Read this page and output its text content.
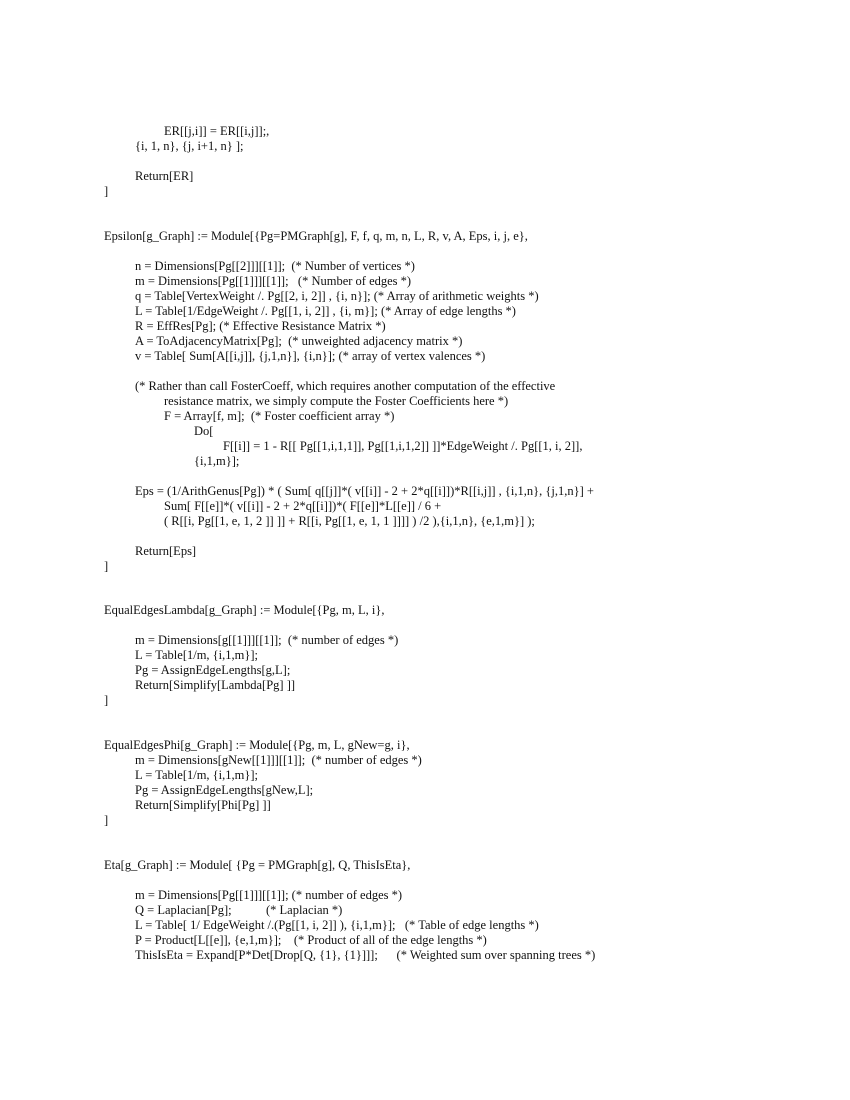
ER[[j,i]] = ER[[i,j]];,
{i, 1, n}, {j, i+1, n} ];
Return[ER]
]
Epsilon[g_Graph] := Module[{Pg=PMGraph[g], F, f, q, m, n, L, R, v, A, Eps, i, j, e},
n = Dimensions[Pg[[2]]][[1]];  (* Number of vertices *)
m = Dimensions[Pg[[1]]][[1]];   (* Number of edges *)
q = Table[VertexWeight /. Pg[[2, i, 2]] , {i, n}]; (* Array of arithmetic weights *)
L = Table[1/EdgeWeight /. Pg[[1, i, 2]] , {i, m}]; (* Array of edge lengths *)
R = EffRes[Pg]; (* Effective Resistance Matrix *)
A = ToAdjacencyMatrix[Pg];  (* unweighted adjacency matrix *)
v = Table[ Sum[A[[i,j]], {j,1,n}], {i,n}]; (* array of vertex valences *)
(* Rather than call FosterCoeff, which requires another computation of the effective
resistance matrix, we simply compute the Foster Coefficients here *)
F = Array[f, m];  (* Foster coefficient array *)
Do[
F[[i]] = 1 - R[[ Pg[[1,i,1,1]], Pg[[1,i,1,2]] ]]*EdgeWeight /. Pg[[1, i, 2]],
{i,1,m}];
Eps = (1/ArithGenus[Pg]) * ( Sum[ q[[j]]*( v[[i]] - 2 + 2*q[[i]])*R[[i,j]] , {i,1,n}, {j,1,n}] +
Sum[ F[[e]]*( v[[i]] - 2 + 2*q[[i]])*( F[[e]]*L[[e]] / 6 +
( R[[i, Pg[[1, e, 1, 2 ]] ]] + R[[i, Pg[[1, e, 1, 1 ]]]] ) /2 ),{i,1,n}, {e,1,m}] );
Return[Eps]
]
EqualEdgesLambda[g_Graph] := Module[{Pg, m, L, i},
m = Dimensions[g[[1]]][[1]];  (* number of edges *)
L = Table[1/m, {i,1,m}];
Pg = AssignEdgeLengths[g,L];
Return[Simplify[Lambda[Pg] ]]
]
EqualEdgesPhi[g_Graph] := Module[{Pg, m, L, gNew=g, i},
m = Dimensions[gNew[[1]]][[1]];  (* number of edges *)
L = Table[1/m, {i,1,m}];
Pg = AssignEdgeLengths[gNew,L];
Return[Simplify[Phi[Pg] ]]
]
Eta[g_Graph] := Module[ {Pg = PMGraph[g], Q, ThisIsEta},
m = Dimensions[Pg[[1]]][[1]]; (* number of edges *)
Q = Laplacian[Pg];           (* Laplacian *)
L = Table[ 1/ EdgeWeight /.(Pg[[1, i, 2]] ), {i,1,m}];   (* Table of edge lengths *)
P = Product[L[[e]], {e,1,m}];    (* Product of all of the edge lengths *)
ThisIsEta = Expand[P*Det[Drop[Q, {1}, {1}]]];      (* Weighted sum over spanning trees *)
